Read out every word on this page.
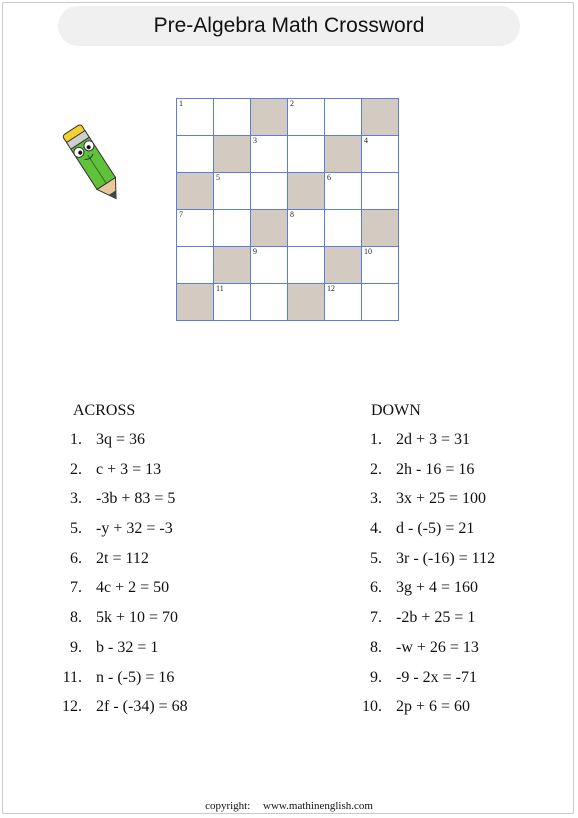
Pre-Algebra Math Crossword
1	2
3	4
5	6
7	8
9	10
11	12
ACROSS	DOWN
1. 3q = 36
2. c + 3 = 13
3. -3b + 83 = 5
5. -y + 32 = -3
6. 2t = 112
7. 4c + 2 = 50
8. 5k + 10 = 70
9. b - 32 = 1
11. n - (-5) = 16
12. 2f - (-34) = 68
1. 2d + 3 = 31
2. 2h - 16 = 16
3. 3x + 25 = 100
4. d - (-5) = 21
5. 3r - (-16) = 112
6. 3g + 4 = 160
7. -2b + 25 = 1
8. -w + 26 = 13
9. -9 - 2x = -71
10. 2p + 6 = 60
copyright: www.mathinenglish.com
